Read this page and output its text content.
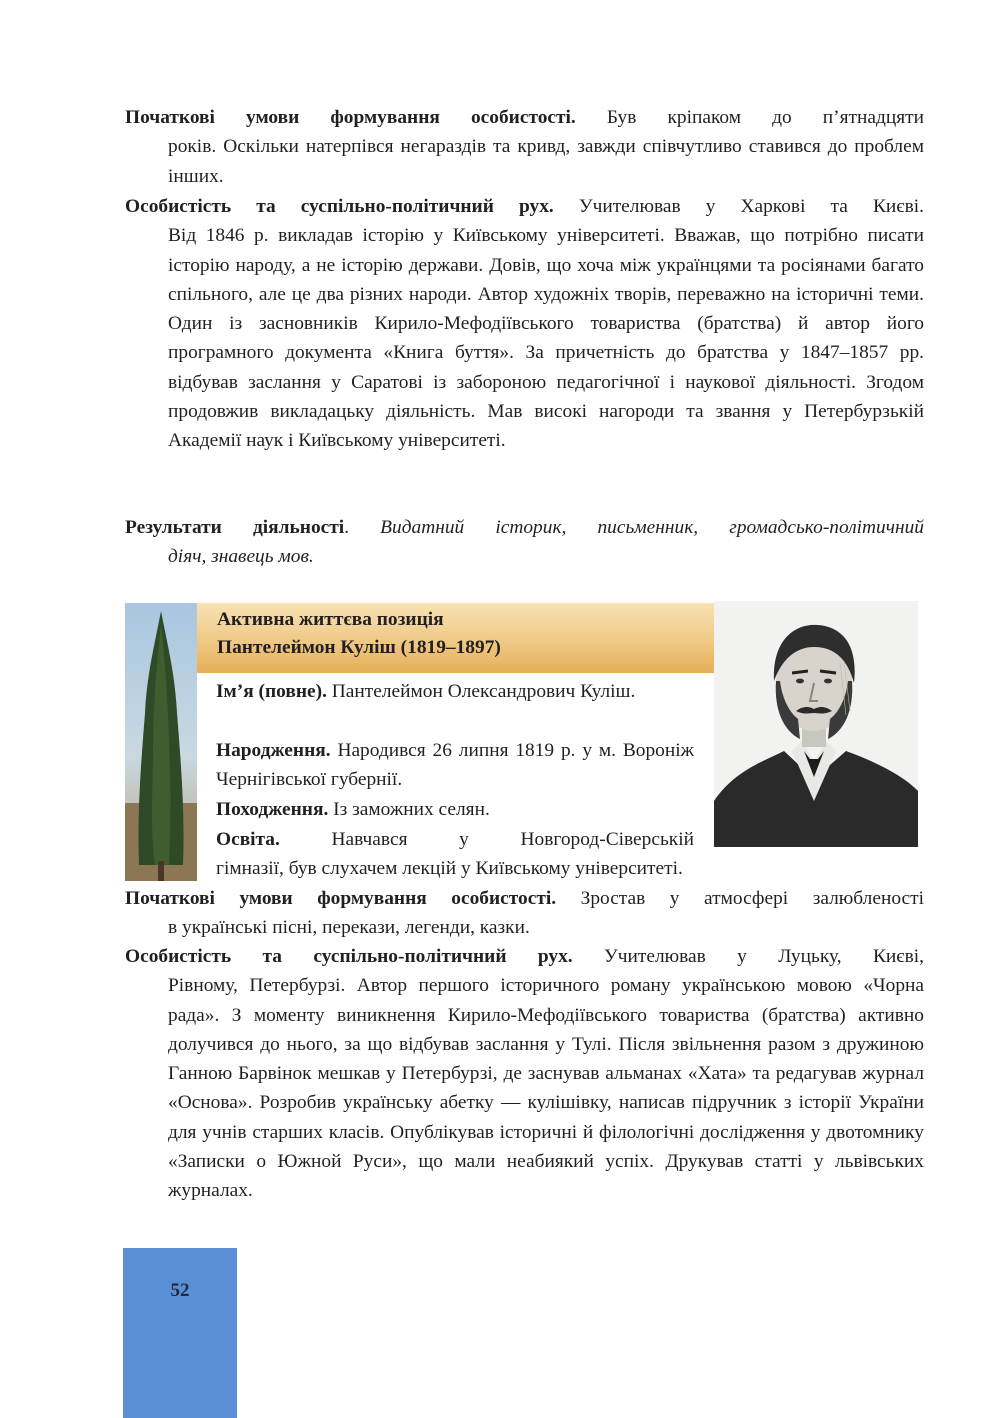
Початкові умови формування особистості. Був кріпаком до п’ятнадцяти
років. Оскільки натерпівся негараздів та кривд, завжди співчутливо ставився до проблем інших.
Особистість та суспільно-політичний рух. Учителював у Харкові та Києві.
Від 1846 р. викладав історію у Київському університеті. Вважав, що потрібно писати історію народу, а не історію держави. Довів, що хоча між українцями та росіянами багато спільного, але це два різних народи. Автор художніх творів, переважно на історичні теми. Один із засновників Кирило-Мефодіївського товариства (братства) й автор його програмного документа «Книга буття». За причетність до братства у 1847–1857 рр. відбував заслання у Саратові із забороною педагогічної і наукової діяльності. Згодом продовжив викладацьку діяльність. Мав високі нагороди та звання у Петербурзькій Академії наук і Київському університеті.
Результати діяльності. Видатний історик, письменник, громадсько-політичний
діяч, знавець мов.
Активна життєва позиція
Пантелеймон Куліш (1819–1897)
Ім’я (повне). Пантелеймон Олександрович Куліш.
Народження. Народився 26 липня 1819 р. у м. Вороніж Чернігівської губернії.
Походження. Із заможних селян.
Освіта. Навчався у Новгород-Сіверській
гімназії, був слухачем лекцій у Київському університеті.
Початкові умови формування особистості. Зростав у атмосфері залюбленості
в українські пісні, перекази, легенди, казки.
Особистість та суспільно-політичний рух. Учителював у Луцьку, Києві,
Рівному, Петербурзі. Автор першого історичного роману українською мовою «Чорна рада». З моменту виникнення Кирило-Мефодіївського товариства (братства) активно долучився до нього, за що відбував заслання у Тулі. Після звільнення разом з дружиною Ганною Барвінок мешкав у Петербурзі, де заснував альманах «Хата» та редагував журнал «Основа». Розробив українську абетку — кулішівку, написав підручник з історії України для учнів старших класів. Опублікував історичні й філологічні дослідження у двотомнику «Записки о Южной Руси», що мали неабиякий успіх. Друкував статті у львівських журналах.
52
